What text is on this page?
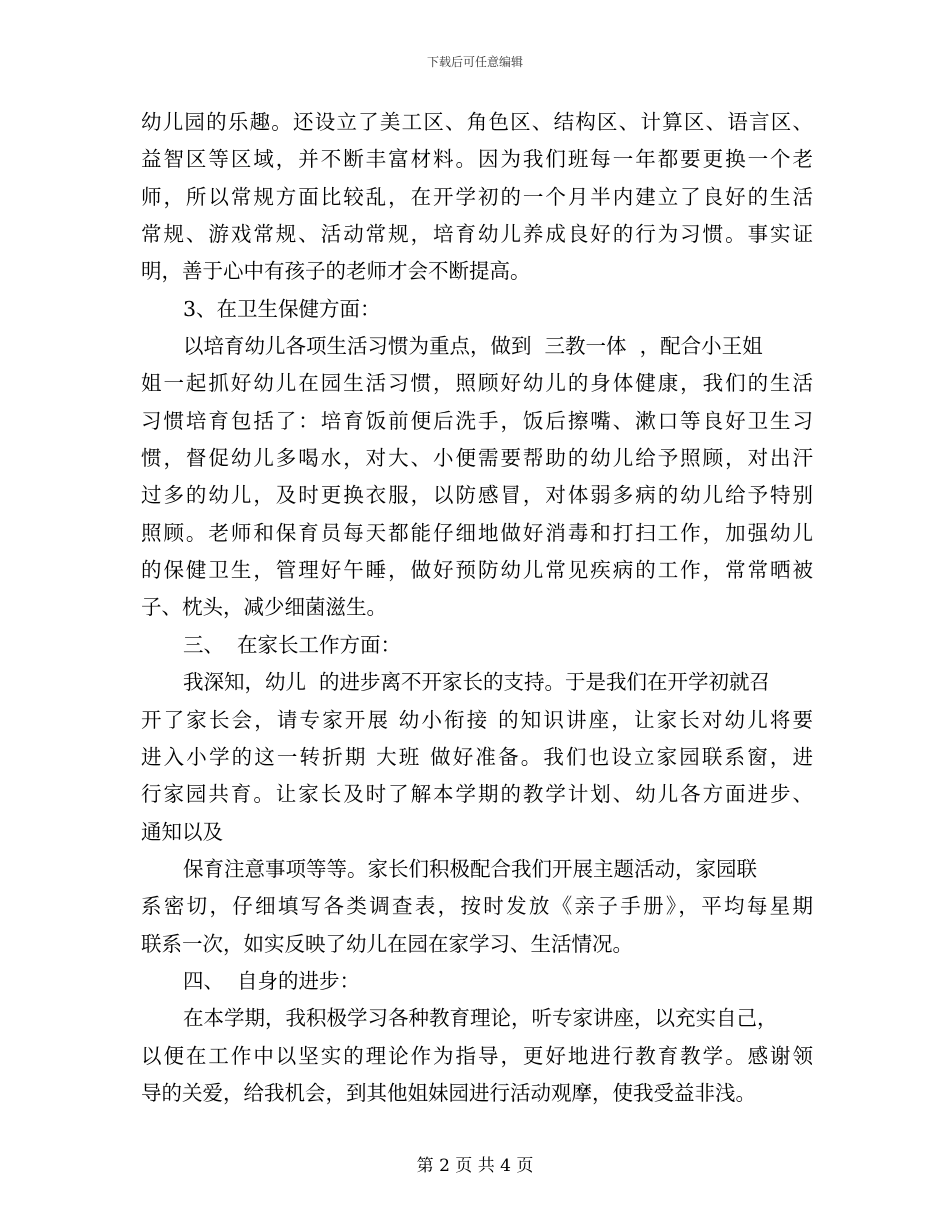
下载后可任意编辑
幼儿园的乐趣。还设立了美工区、角色区、结构区、计算区、语言区、
益智区等区域，并不断丰富材料。因为我们班每一年都要更换一个老
师，所以常规方面比较乱，在开学初的一个月半内建立了良好的生活
常规、游戏常规、活动常规，培育幼儿养成良好的行为习惯。事实证
明，善于心中有孩子的老师才会不断提高。
3、在卫生保健方面：
以培育幼儿各项生活习惯为重点，做到  三教一体  ，配合小王姐
姐一起抓好幼儿在园生活习惯，照顾好幼儿的身体健康，我们的生活
习惯培育包括了：培育饭前便后洗手，饭后擦嘴、漱口等良好卫生习
惯，督促幼儿多喝水，对大、小便需要帮助的幼儿给予照顾，对出汗
过多的幼儿，及时更换衣服，以防感冒，对体弱多病的幼儿给予特别
照顾。老师和保育员每天都能仔细地做好消毒和打扫工作，加强幼儿
的保健卫生，管理好午睡，做好预防幼儿常见疾病的工作，常常晒被
子、枕头，减少细菌滋生。
三、  在家长工作方面：
我深知，幼儿  的进步离不开家长的支持。于是我们在开学初就召
开了家长会，请专家开展 幼小衔接 的知识讲座，让家长对幼儿将要
进入小学的这一转折期 大班 做好准备。我们也设立家园联系窗，进
行家园共育。让家长及时了解本学期的教学计划、幼儿各方面进步、
通知以及
保育注意事项等等。家长们积极配合我们开展主题活动，家园联
系密切，仔细填写各类调查表，按时发放《亲子手册》，平均每星期
联系一次，如实反映了幼儿在园在家学习、生活情况。
四、  自身的进步：
在本学期，我积极学习各种教育理论，听专家讲座，以充实自己，
以便在工作中以坚实的理论作为指导，更好地进行教育教学。感谢领
导的关爱，给我机会，到其他姐妹园进行活动观摩，使我受益非浅。
第 2 页 共 4 页
